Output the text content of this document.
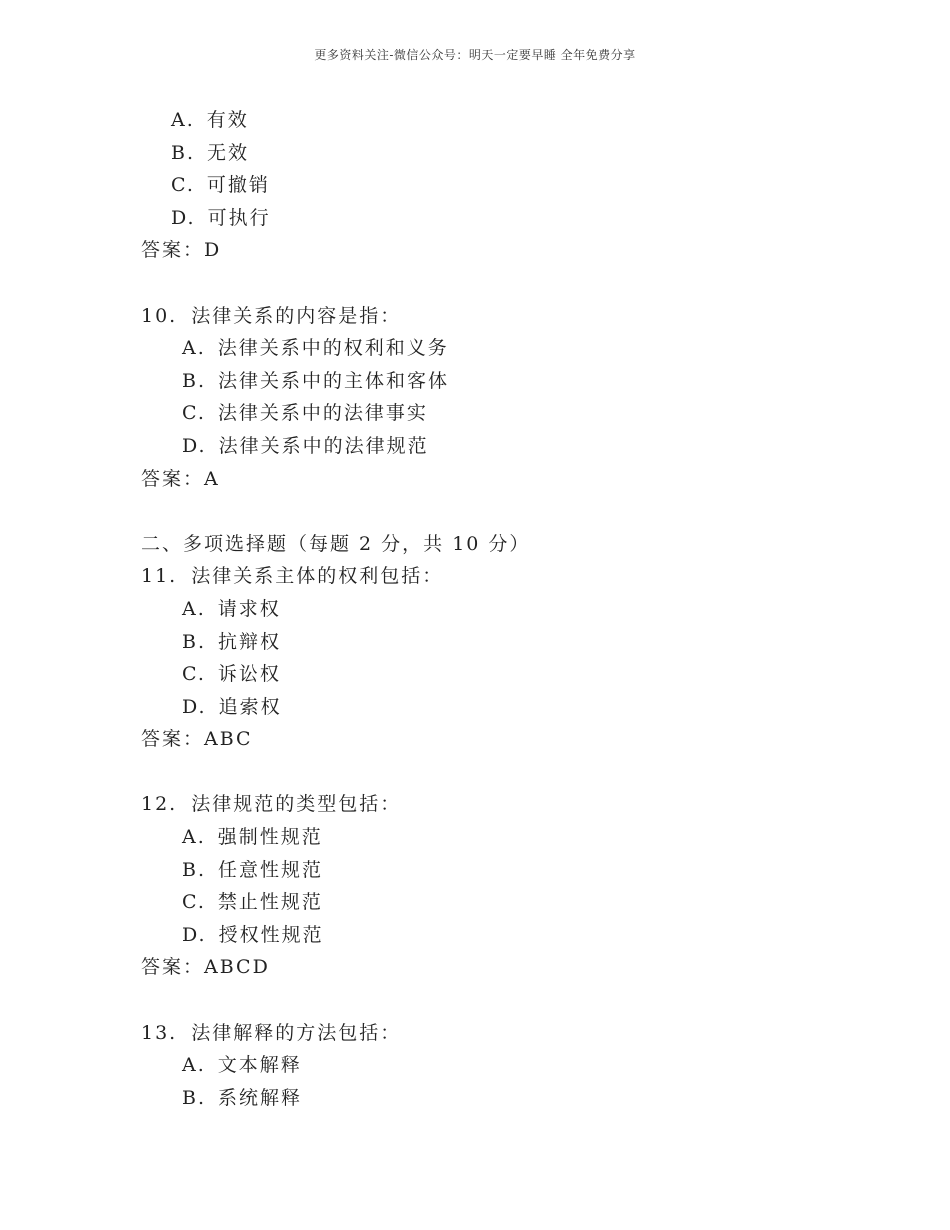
更多资料关注-微信公众号：明天一定要早睡 全年免费分享
A. 有效
B. 无效
C. 可撤销
D. 可执行
答案：D
10. 法律关系的内容是指：
A. 法律关系中的权利和义务
B. 法律关系中的主体和客体
C. 法律关系中的法律事实
D. 法律关系中的法律规范
答案：A
二、多项选择题（每题 2 分，共 10 分）
11. 法律关系主体的权利包括：
A. 请求权
B. 抗辩权
C. 诉讼权
D. 追索权
答案：ABC
12. 法律规范的类型包括：
A. 强制性规范
B. 任意性规范
C. 禁止性规范
D. 授权性规范
答案：ABCD
13. 法律解释的方法包括：
A. 文本解释
B. 系统解释
